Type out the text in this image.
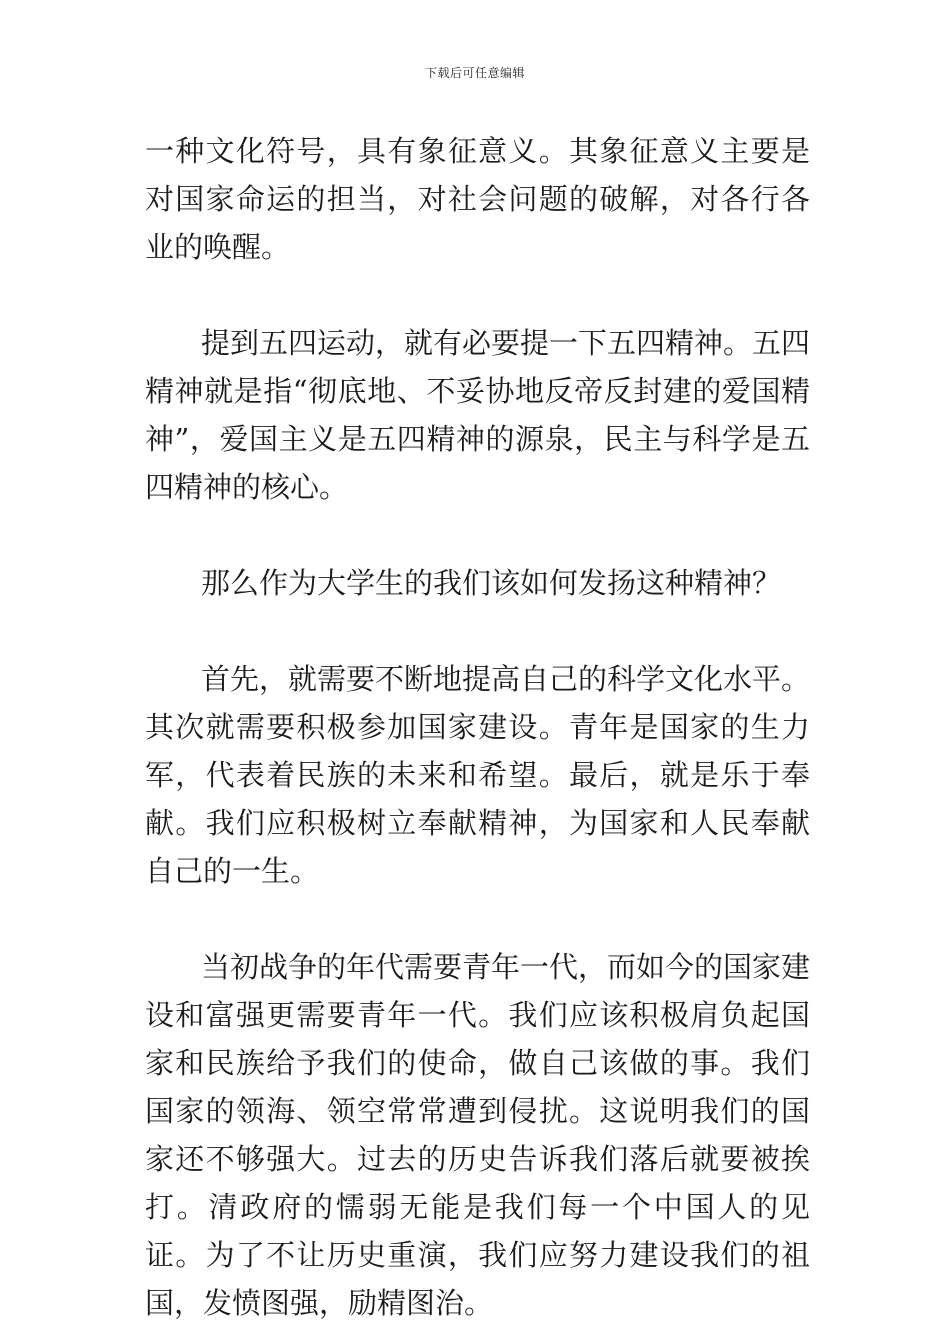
下载后可任意编辑

一种文化符号，具有象征意义。其象征意义主要是对国家命运的担当，对社会问题的破解，对各行各业的唤醒。

提到五四运动，就有必要提一下五四精神。五四精神就是指“彻底地、不妥协地反帝反封建的爱国精神”，爱国主义是五四精神的源泉，民主与科学是五四精神的核心。

那么作为大学生的我们该如何发扬这种精神？

首先，就需要不断地提高自己的科学文化水平。其次就需要积极参加国家建设。青年是国家的生力军，代表着民族的未来和希望。最后，就是乐于奉献。我们应积极树立奉献精神，为国家和人民奉献自己的一生。

当初战争的年代需要青年一代，而如今的国家建设和富强更需要青年一代。我们应该积极肩负起国家和民族给予我们的使命，做自己该做的事。我们国家的领海、领空常常遭到侵扰。这说明我们的国家还不够强大。过去的历史告诉我们落后就要被挨打。清政府的懦弱无能是我们每一个中国人的见证。为了不让历史重演，我们应努力建设我们的祖国，发愤图强，励精图治。
